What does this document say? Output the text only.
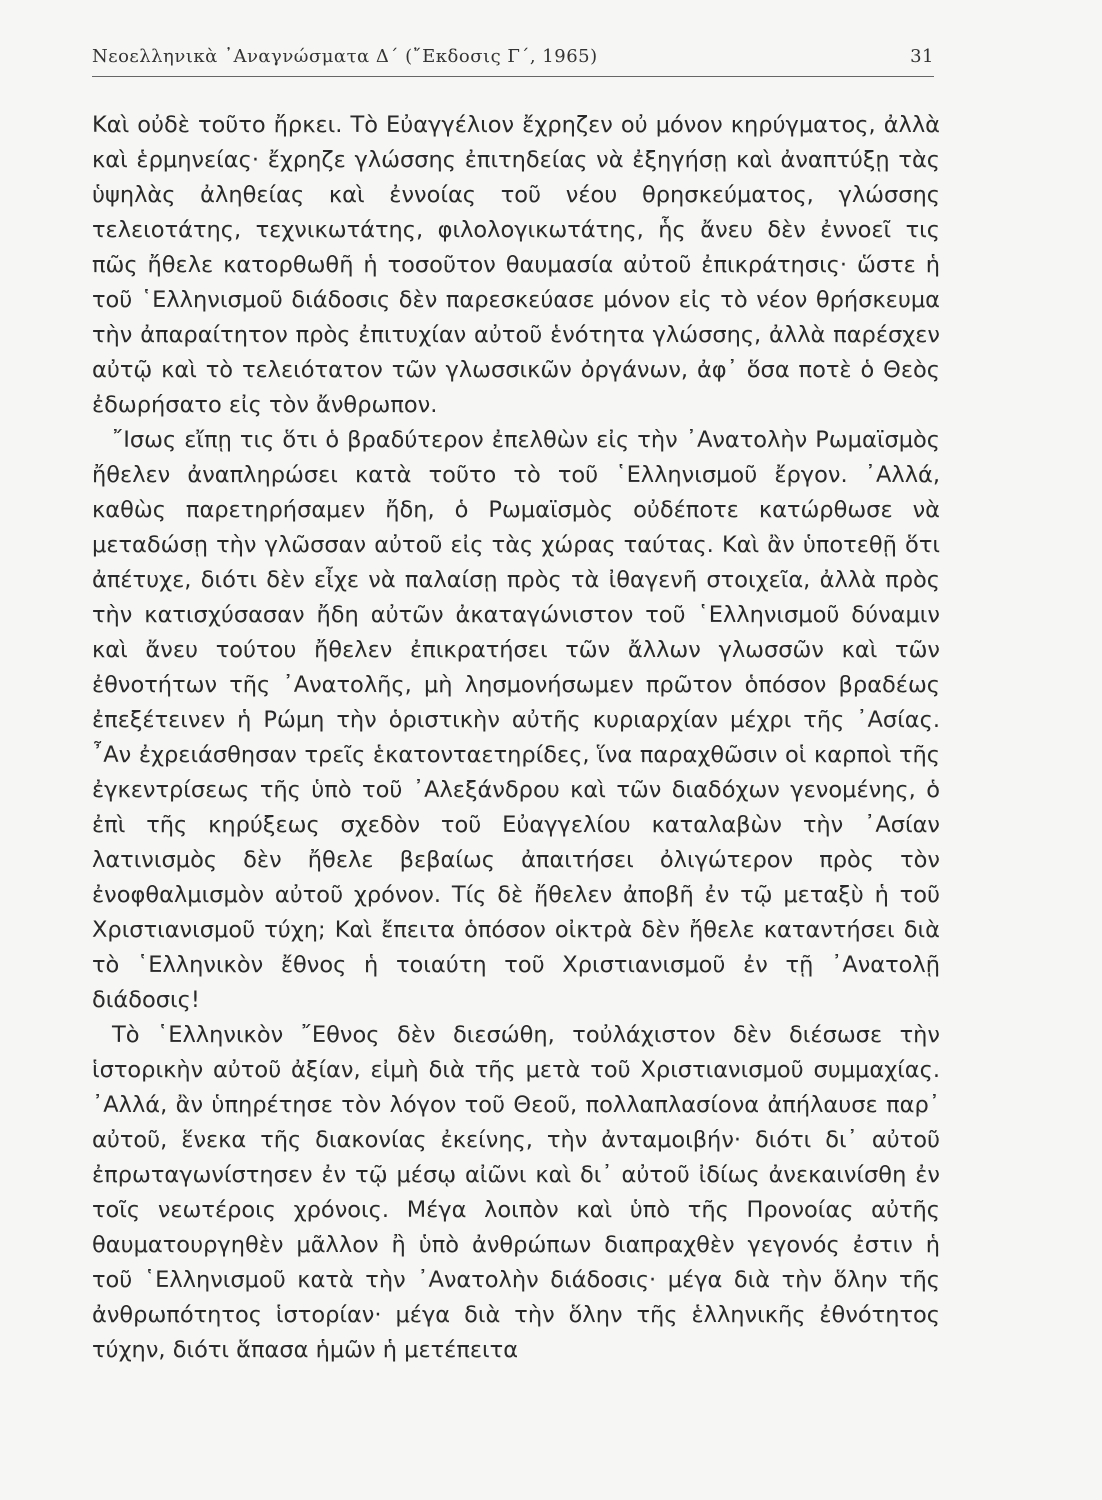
Νεοελληνικὰ ᾿Αναγνώσματα Δ΄ (῎Εκδοσις Γ΄, 1965)	31

Καὶ οὐδὲ τοῦτο ἤρκει. Τὸ Εὐαγγέλιον ἔχρηζεν οὐ μόνον κηρύγματος, ἀλλὰ καὶ ἑρμηνείας· ἔχρηζε γλώσσης ἐπιτηδείας νὰ ἐξηγήσῃ καὶ ἀναπτύξῃ τὰς ὑψηλὰς ἀληθείας καὶ ἐννοίας τοῦ νέου θρησκεύματος, γλώσσης τελειοτάτης, τεχνικωτάτης, φιλολογικωτάτης, ἧς ἄνευ δὲν ἐννοεῖ τις πῶς ἤθελε κατορθωθῆ ἡ τοσοῦτον θαυμασία αὐτοῦ ἐπικράτησις· ὥστε ἡ τοῦ ῾Ελληνισμοῦ διάδοσις δὲν παρεσκεύασε μόνον εἰς τὸ νέον θρήσκευμα τὴν ἀπαραίτητον πρὸς ἐπιτυχίαν αὐτοῦ ἑνότητα γλώσσης, ἀλλὰ παρέσχεν αὐτῷ καὶ τὸ τελειότατον τῶν γλωσσικῶν ὀργάνων, ἀφ᾿ ὅσα ποτὲ ὁ Θεὸς ἐδωρήσατο εἰς τὸν ἄνθρωπον.

῎Ισως εἴπῃ τις ὅτι ὁ βραδύτερον ἐπελθὼν εἰς τὴν ᾿Ανατολὴν Ρωμαϊσμὸς ἤθελεν ἀναπληρώσει κατὰ τοῦτο τὸ τοῦ ῾Ελληνισμοῦ ἔργον. ᾿Αλλά, καθὼς παρετηρήσαμεν ἤδη, ὁ Ρωμαϊσμὸς οὐδέποτε κατώρθωσε νὰ μεταδώσῃ τὴν γλῶσσαν αὐτοῦ εἰς τὰς χώρας ταύτας. Καὶ ἂν ὑποτεθῇ ὅτι ἀπέτυχε, διότι δὲν εἶχε νὰ παλαίσῃ πρὸς τὰ ἰθαγενῆ στοιχεῖα, ἀλλὰ πρὸς τὴν κατισχύσασαν ἤδη αὐτῶν ἀκαταγώνιστον τοῦ ῾Ελληνισμοῦ δύναμιν καὶ ἄνευ τούτου ἤθελεν ἐπικρατήσει τῶν ἄλλων γλωσσῶν καὶ τῶν ἐθνοτήτων τῆς ᾿Ανατολῆς, μὴ λησμονήσωμεν πρῶτον ὁπόσον βραδέως ἐπεξέτεινεν ἡ Ρώμη τὴν ὁριστικὴν αὐτῆς κυριαρχίαν μέχρι τῆς ᾿Ασίας. ῏Αν ἐχρειάσθησαν τρεῖς ἑκατονταετηρίδες, ἵνα παραχθῶσιν οἱ καρποὶ τῆς ἐγκεντρίσεως τῆς ὑπὸ τοῦ ᾿Αλεξάνδρου καὶ τῶν διαδόχων γενομένης, ὁ ἐπὶ τῆς κηρύξεως σχεδὸν τοῦ Εὐαγγελίου καταλαβὼν τὴν ᾿Ασίαν λατινισμὸς δὲν ἤθελε βεβαίως ἀπαιτήσει ὀλιγώτερον πρὸς τὸν ἐνοφθαλμισμὸν αὐτοῦ χρόνον. Τίς δὲ ἤθελεν ἀποβῆ ἐν τῷ μεταξὺ ἡ τοῦ Χριστιανισμοῦ τύχη; Καὶ ἔπειτα ὁπόσον οἰκτρὰ δὲν ἤθελε καταντήσει διὰ τὸ ῾Ελληνικὸν ἔθνος ἡ τοιαύτη τοῦ Χριστιανισμοῦ ἐν τῇ ᾿Ανατολῇ διάδοσις!

Τὸ ῾Ελληνικὸν ῎Εθνος δὲν διεσώθη, τοὐλάχιστον δὲν διέσωσε τὴν ἱστορικὴν αὐτοῦ ἀξίαν, εἰμὴ διὰ τῆς μετὰ τοῦ Χριστιανισμοῦ συμμαχίας. ᾿Αλλά, ἂν ὑπηρέτησε τὸν λόγον τοῦ Θεοῦ, πολλαπλασίονα ἀπήλαυσε παρ᾿ αὐτοῦ, ἕνεκα τῆς διακονίας ἐκείνης, τὴν ἀνταμοιβήν· διότι δι᾿ αὐτοῦ ἐπρωταγωνίστησεν ἐν τῷ μέσῳ αἰῶνι καὶ δι᾿ αὐτοῦ ἰδίως ἀνεκαινίσθη ἐν τοῖς νεωτέροις χρόνοις. Μέγα λοιπὸν καὶ ὑπὸ τῆς Προνοίας αὐτῆς θαυματουργηθὲν μᾶλλον ἢ ὑπὸ ἀνθρώπων διαπραχθὲν γεγονός ἐστιν ἡ τοῦ ῾Ελληνισμοῦ κατὰ τὴν ᾿Ανατολὴν διάδοσις· μέγα διὰ τὴν ὅλην τῆς ἀνθρωπότητος ἱστορίαν· μέγα διὰ τὴν ὅλην τῆς ἑλληνικῆς ἐθνότητος τύχην, διότι ἅπασα ἡμῶν ἡ μετέπειτα
